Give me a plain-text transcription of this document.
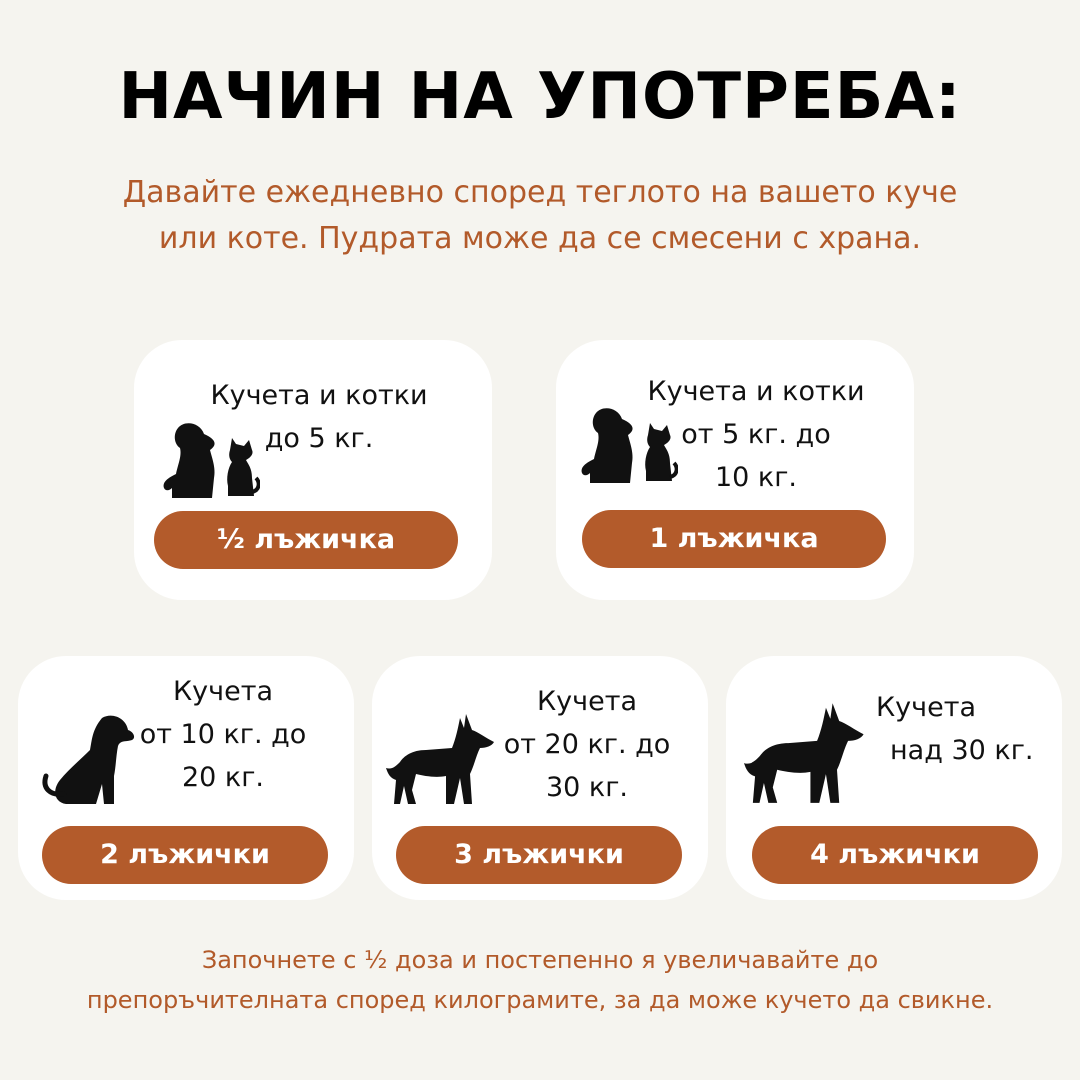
НАЧИН НА УПОТРЕБА:
Давайте ежедневно според теглото на вашето куче
или коте. Пудрата може да се смесени с храна.
Кучета и котки
до 5 кг.
½ лъжичка
Кучета и котки
от 5 кг. до
10 кг.
1 лъжичка
Кучета
от 10 кг. до
20 кг.
2 лъжички
Кучета
от 20 кг. до
30 кг.
3 лъжички
Кучета
над 30 кг.
4 лъжички
Започнете с ½ доза и постепенно я увеличавайте до
препоръчителната според килограмите, за да може кучето да свикне.
